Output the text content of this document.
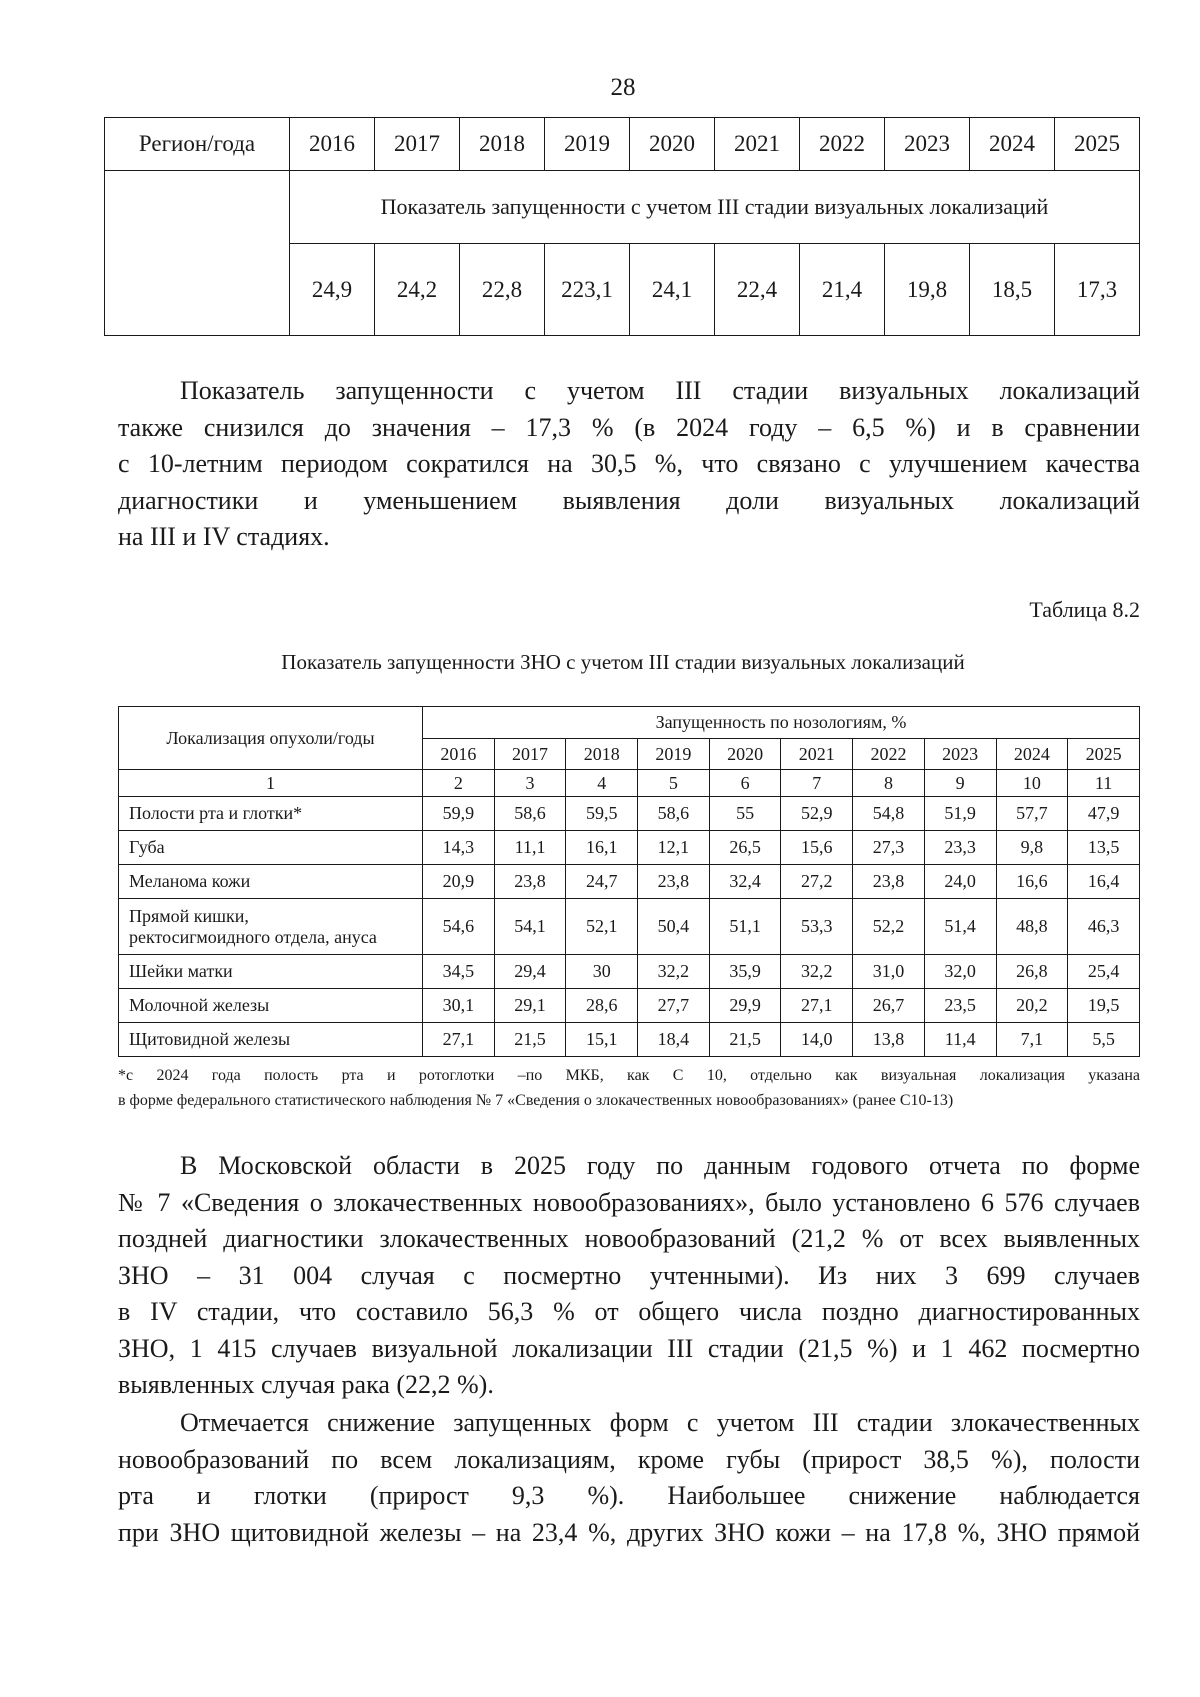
28
Регион/года	2016	2017	2018	2019	2020	2021	2022	2023	2024	2025
	Показатель запущенности с учетом III стадии визуальных локализаций									
	24,9	24,2	22,8	223,1	24,1	22,4	21,4	19,8	18,5	17,3
Показатель запущенности с учетом III стадии визуальных локализаций
также снизился до значения – 17,3 % (в 2024 году – 6,5 %) и в сравнении
с 10-летним периодом сократился на 30,5 %, что связано с улучшением качества
диагностики и уменьшением выявления доли визуальных локализаций
на III и IV стадиях.
Таблица 8.2
Показатель запущенности ЗНО с учетом III стадии визуальных локализаций
Локализация опухоли/годы	Запущенность по нозологиям, %									
	2016	2017	2018	2019	2020	2021	2022	2023	2024	2025
1	2	3	4	5	6	7	8	9	10	11
Полости рта и глотки*	59,9	58,6	59,5	58,6	55	52,9	54,8	51,9	57,7	47,9
Губа	14,3	11,1	16,1	12,1	26,5	15,6	27,3	23,3	9,8	13,5
Меланома кожи	20,9	23,8	24,7	23,8	32,4	27,2	23,8	24,0	16,6	16,4
Прямой кишки,
ректосигмоидного отдела, ануса	54,6	54,1	52,1	50,4	51,1	53,3	52,2	51,4	48,8	46,3
Шейки матки	34,5	29,4	30	32,2	35,9	32,2	31,0	32,0	26,8	25,4
Молочной железы	30,1	29,1	28,6	27,7	29,9	27,1	26,7	23,5	20,2	19,5
Щитовидной железы	27,1	21,5	15,1	18,4	21,5	14,0	13,8	11,4	7,1	5,5
*с 2024 года полость рта и ротоглотки –по МКБ, как С 10, отдельно как визуальная локализация указана
в форме федерального статистического наблюдения № 7 «Сведения о злокачественных новообразованиях» (ранее С10-13)
В Московской области в 2025 году по данным годового отчета по форме
№ 7 «Сведения о злокачественных новообразованиях», было установлено 6 576 случаев
поздней диагностики злокачественных новообразований (21,2 % от всех выявленных
ЗНО – 31 004 случая с посмертно учтенными). Из них 3 699 случаев
в IV стадии, что составило 56,3 % от общего числа поздно диагностированных
ЗНО, 1 415 случаев визуальной локализации III стадии (21,5 %) и 1 462 посмертно
выявленных случая рака (22,2 %).
Отмечается снижение запущенных форм с учетом III стадии злокачественных
новообразований по всем локализациям, кроме губы (прирост 38,5 %), полости
рта и глотки (прирост 9,3 %). Наибольшее снижение наблюдается
при ЗНО щитовидной железы – на 23,4 %, других ЗНО кожи – на 17,8 %, ЗНО прямой
